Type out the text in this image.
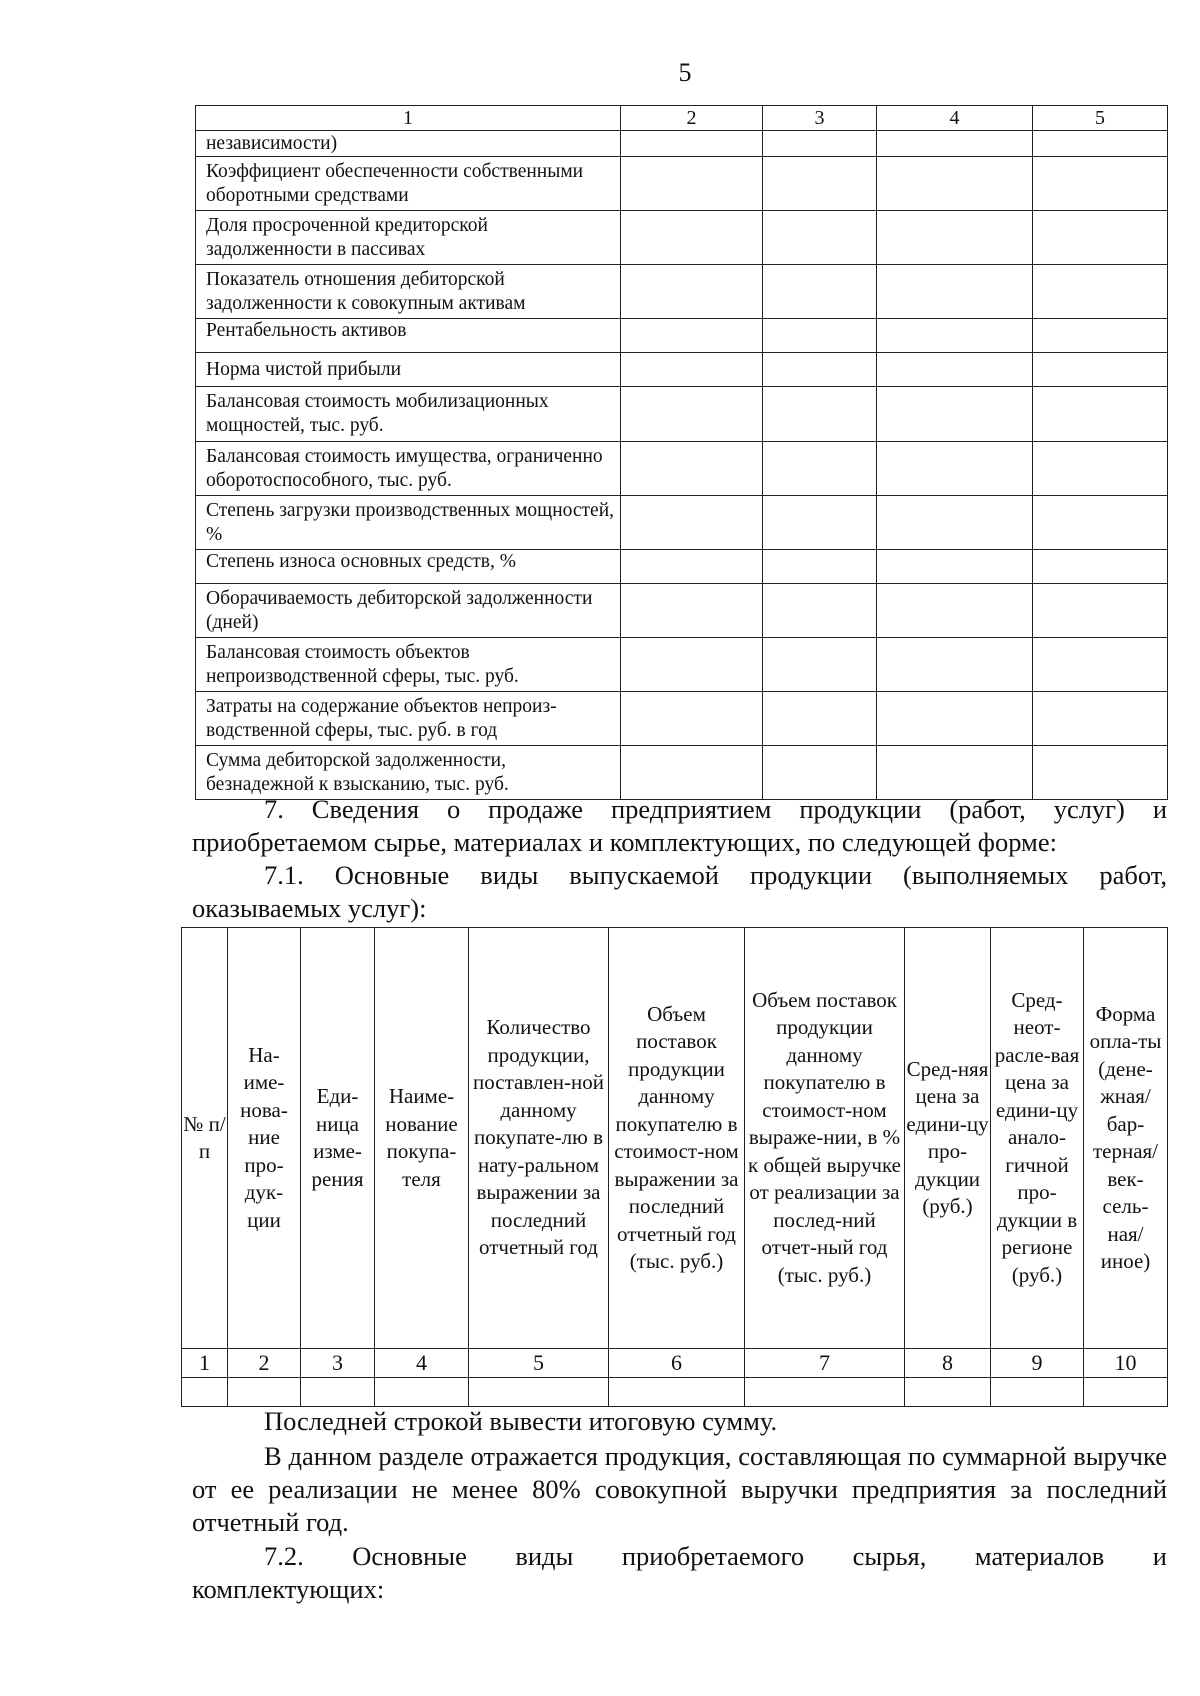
5
1	2	3	4	5
независимости)				
Коэффициент обеспеченности собственными оборотными средствами				
Доля просроченной кредиторской задолженности в пассивах				
Показатель отношения дебиторской задолженности к совокупным активам				
Рентабельность активов				
Норма чистой прибыли				
Балансовая стоимость мобилизационных мощностей, тыс. руб.				
Балансовая стоимость имущества, ограниченно оборотоспособного, тыс. руб.				
Степень загрузки производственных мощностей, %				
Степень износа основных средств, %				
Оборачиваемость дебиторской задолженности (дней)				
Балансовая стоимость объектов непроизводственной сферы, тыс. руб.				
Затраты на содержание объектов непроиз-водственной сферы, тыс. руб. в год				
Сумма дебиторской задолженности, безнадежной к взысканию, тыс. руб.				
7. Сведения о продаже предприятием продукции (работ, услуг) и приобретаемом сырье, материалах и комплектующих, по следующей форме:
7.1. Основные виды выпускаемой продукции (выполняемых работ, оказываемых услуг):
№ п/п	На-име-нова-ние про-дук-ции	Еди-ница изме-рения	Наиме-нование покупа-теля	Количество продукции, поставлен-ной данному покупате-лю в нату-ральном выражении за последний отчетный год	Объем поставок продукции данному покупателю в стоимост-ном выражении за последний отчетный год (тыс. руб.)	Объем поставок продукции данному покупателю в стоимост-ном выраже-нии, в % к общей выручке от реализации за послед-ний отчет-ный год (тыс. руб.)	Сред-няя цена за едини-цу про-дукции (руб.)	Сред-неот-расле-вая цена за едини-цу анало-гичной про-дукции в регионе (руб.)	Форма опла-ты (дене-жная/ бар-терная/ век-сель-ная/ иное)
1	2	3	4	5	6	7	8	9	10

Последней строкой вывести итоговую сумму.
В данном разделе отражается продукция, составляющая по суммарной выручке от ее реализации не менее 80% совокупной выручки предприятия за последний отчетный год.
7.2. Основные виды приобретаемого сырья, материалов и
комплектующих:
